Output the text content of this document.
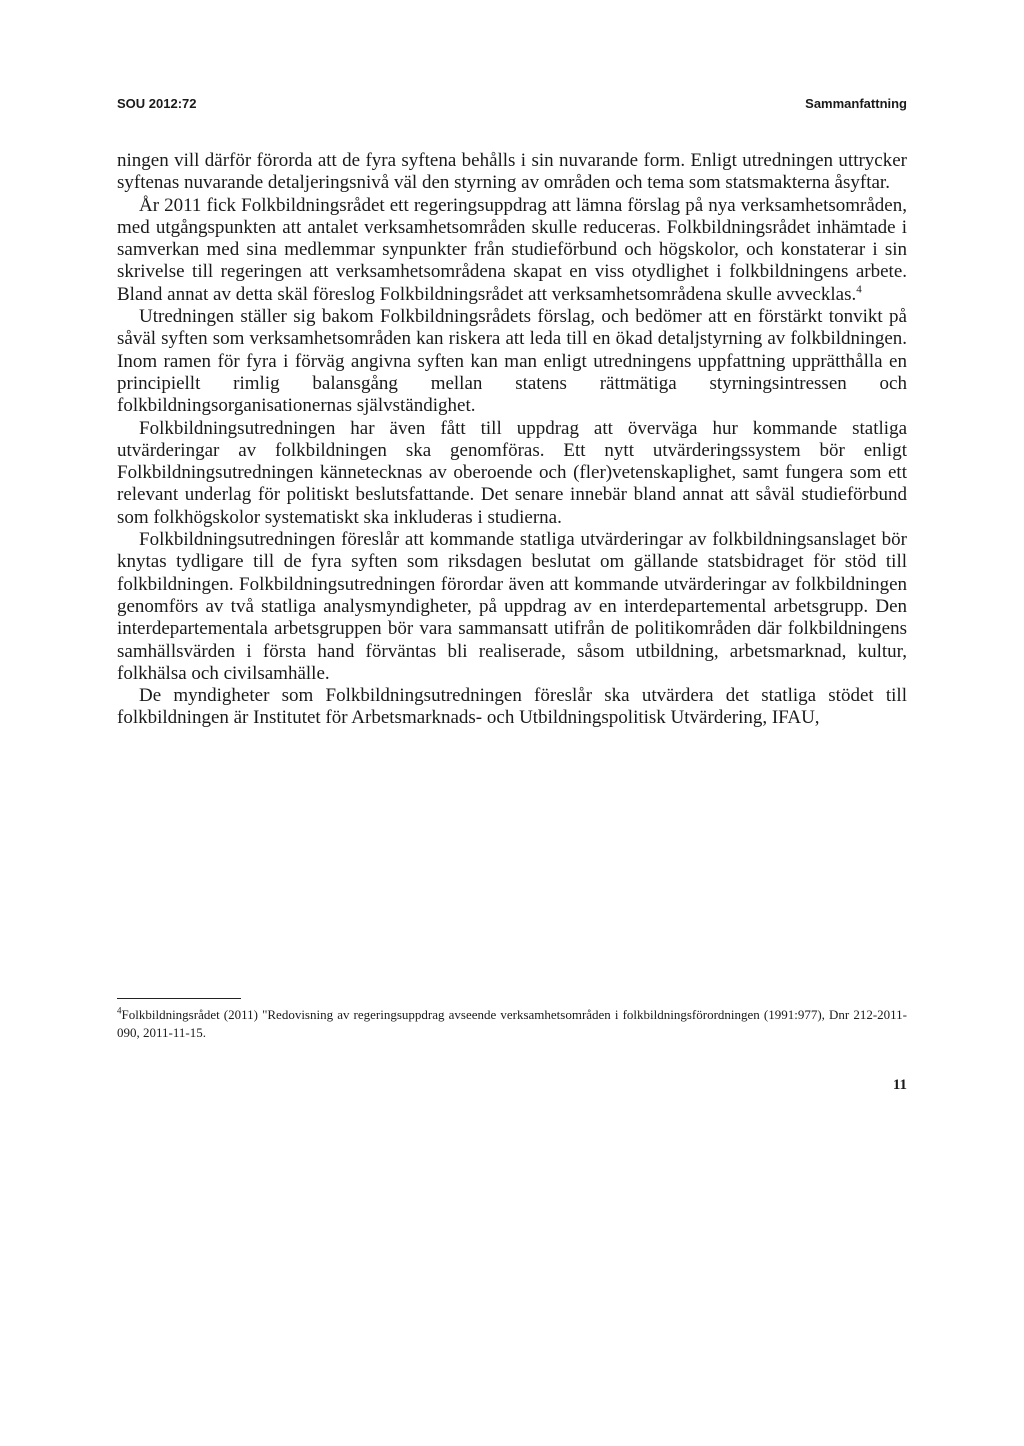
SOU 2012:72	Sammanfattning

ningen vill därför förorda att de fyra syftena behålls i sin nuvarande form. Enligt utredningen uttrycker syftenas nuvarande detaljeringsnivå väl den styrning av områden och tema som statsmakterna åsyftar.

År 2011 fick Folkbildningsrådet ett regeringsuppdrag att lämna förslag på nya verksamhetsområden, med utgångspunkten att antalet verksamhetsområden skulle reduceras. Folkbildningsrådet inhämtade i samverkan med sina medlemmar synpunkter från studieförbund och högskolor, och konstaterar i sin skrivelse till regeringen att verksamhetsområdena skapat en viss otydlighet i folkbildningens arbete. Bland annat av detta skäl föreslog Folkbildningsrådet att verksamhetsområdena skulle avvecklas.$^4$

Utredningen ställer sig bakom Folkbildningsrådets förslag, och bedömer att en förstärkt tonvikt på såväl syften som verksamhetsområden kan riskera att leda till en ökad detaljstyrning av folkbildningen. Inom ramen för fyra i förväg angivna syften kan man enligt utredningens uppfattning upprätthålla en principiellt rimlig balansgång mellan statens rättmätiga styrningsintressen och folkbildningsorganisationernas självständighet.

Folkbildningsutredningen har även fått till uppdrag att överväga hur kommande statliga utvärderingar av folkbildningen ska genomföras. Ett nytt utvärderingssystem bör enligt Folkbildningsutredningen kännetecknas av oberoende och (fler)vetenskaplighet, samt fungera som ett relevant underlag för politiskt beslutsfattande. Det senare innebär bland annat att såväl studieförbund som folkhögskolor systematiskt ska inkluderas i studierna.

Folkbildningsutredningen föreslår att kommande statliga utvärderingar av folkbildningsanslaget bör knytas tydligare till de fyra syften som riksdagen beslutat om gällande statsbidraget för stöd till folkbildningen. Folkbildningsutredningen förordar även att kommande utvärderingar av folkbildningen genomförs av två statliga analysmyndigheter, på uppdrag av en interdepartemental arbetsgrupp. Den interdepartementala arbetsgruppen bör vara sammansatt utifrån de politikområden där folkbildningens samhällsvärden i första hand förväntas bli realiserade, såsom utbildning, arbetsmarknad, kultur, folkhälsa och civilsamhälle.

De myndigheter som Folkbildningsutredningen föreslår ska utvärdera det statliga stödet till folkbildningen är Institutet för Arbetsmarknads- och Utbildningspolitisk Utvärdering, IFAU,

$^4$Folkbildningsrådet (2011) "Redovisning av regeringsuppdrag avseende verksamhetsområden i folkbildningsförordningen (1991:977), Dnr 212-2011-090, 2011-11-15.
11
